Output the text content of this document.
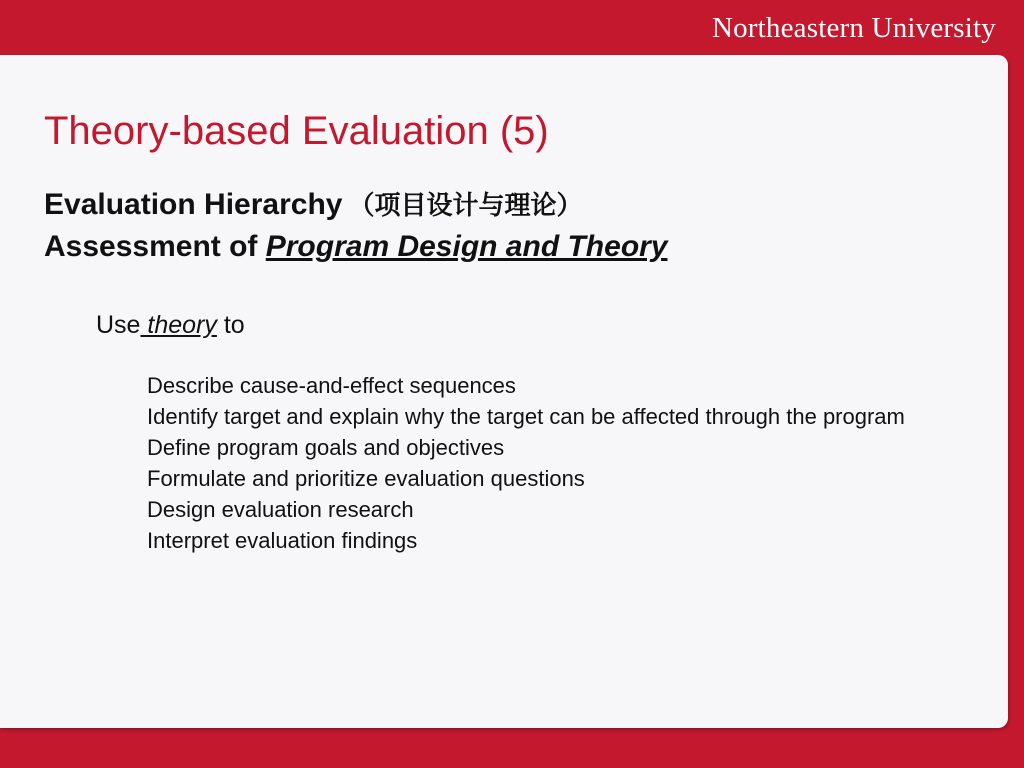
Northeastern University
Theory-based Evaluation (5)
Evaluation Hierarchy （项目设计与理论）
Assessment of Program Design and Theory
Use theory to
Describe cause-and-effect sequences
Identify target and explain why the target can be affected through the program
Define program goals and objectives
Formulate and prioritize evaluation questions
Design evaluation research
Interpret evaluation findings
